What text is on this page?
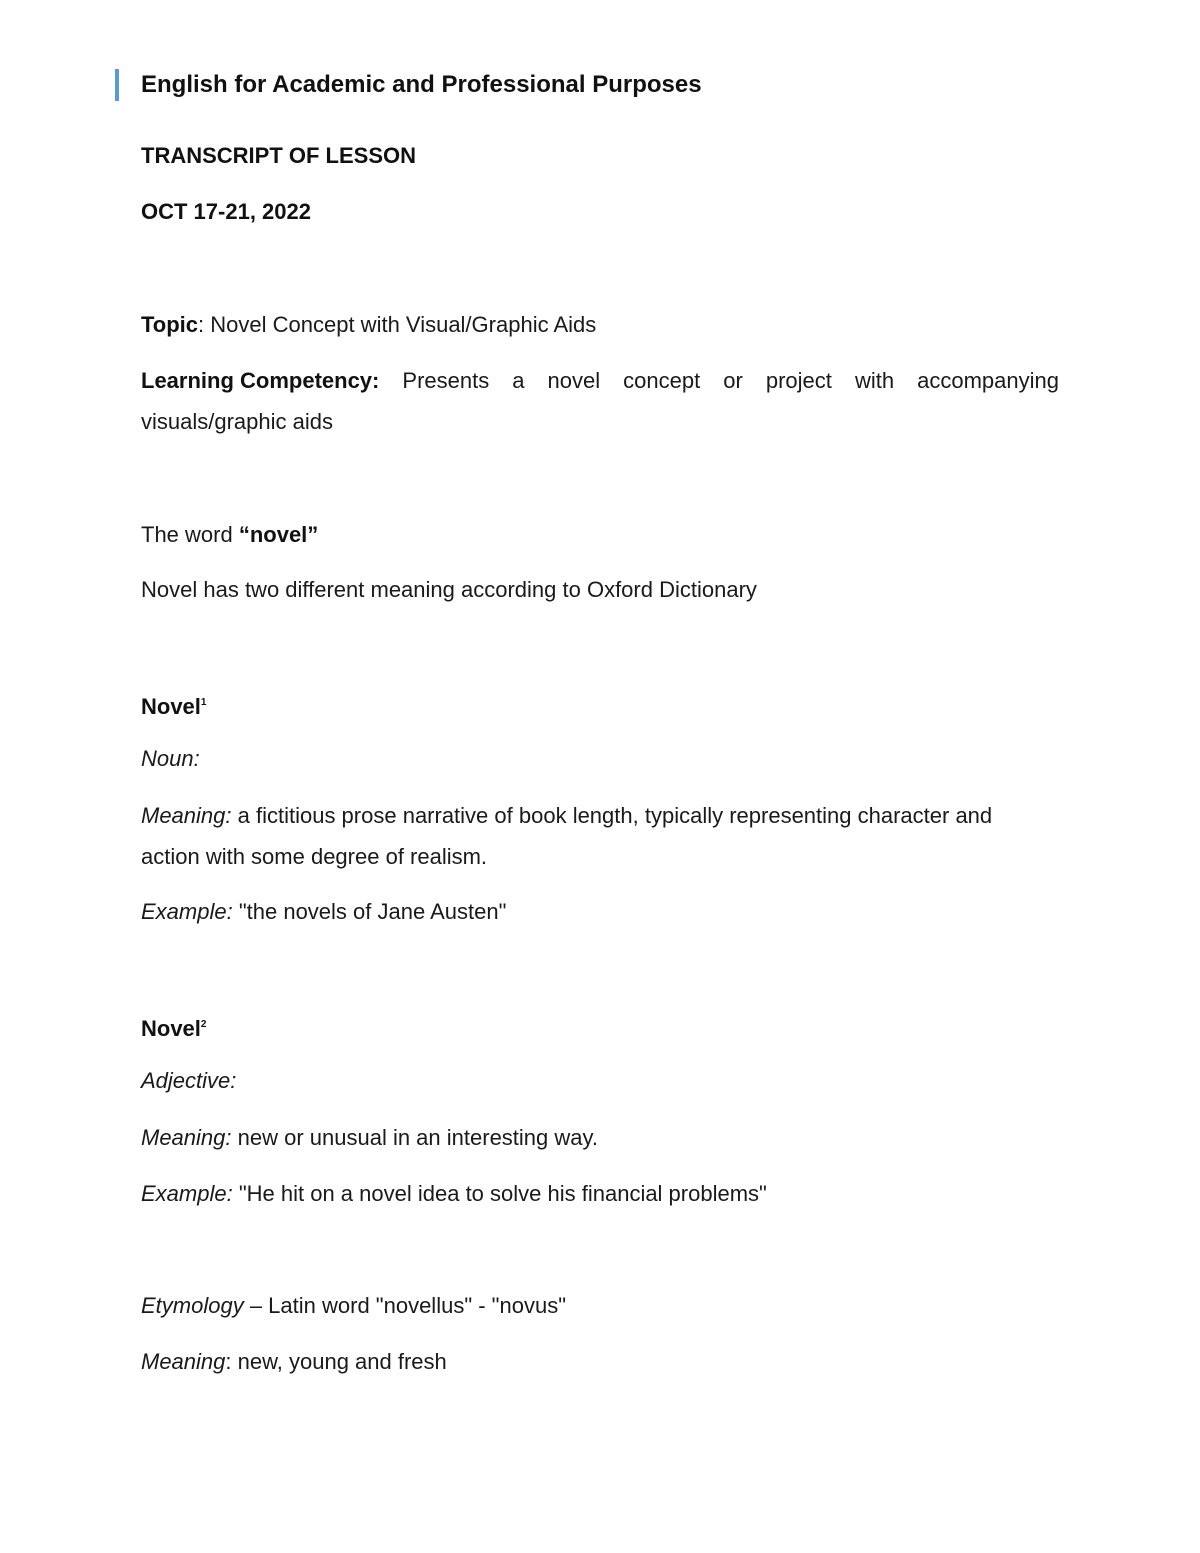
English for Academic and Professional Purposes
TRANSCRIPT OF LESSON
OCT 17-21, 2022
Topic: Novel Concept with Visual/Graphic Aids
Learning Competency: Presents a novel concept or project with accompanying
visuals/graphic aids
The word “novel”
Novel has two different meaning according to Oxford Dictionary
Novel$^1$
Noun:
Meaning: a fictitious prose narrative of book length, typically representing character and
action with some degree of realism.
Example: "the novels of Jane Austen"
Novel$^2$
Adjective:
Meaning: new or unusual in an interesting way.
Example: "He hit on a novel idea to solve his financial problems"
Etymology – Latin word "novellus" - "novus"
Meaning: new, young and fresh
